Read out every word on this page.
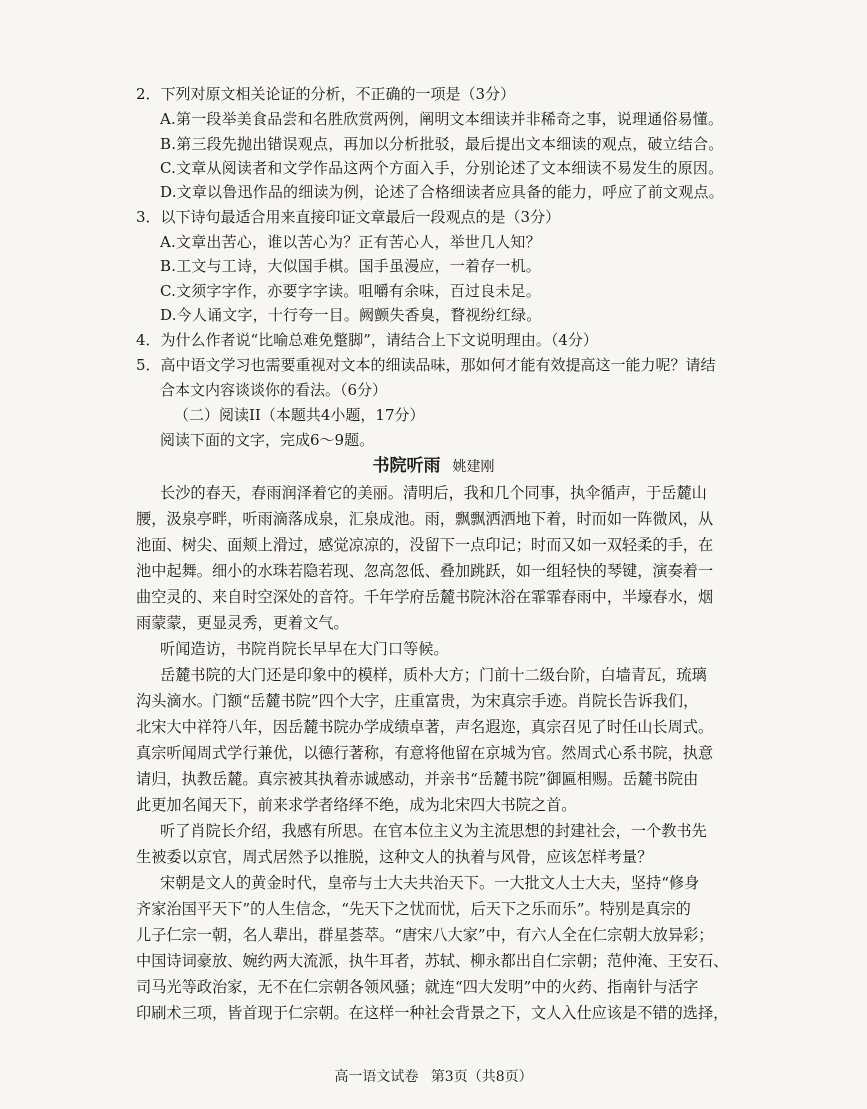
2．下列对原文相关论证的分析，不正确的一项是（3分）
A.第一段举美食品尝和名胜欣赏两例，阐明文本细读并非稀奇之事，说理通俗易懂。
B.第三段先抛出错误观点，再加以分析批驳，最后提出文本细读的观点，破立结合。
C.文章从阅读者和文学作品这两个方面入手，分别论述了文本细读不易发生的原因。
D.文章以鲁迅作品的细读为例，论述了合格细读者应具备的能力，呼应了前文观点。
3．以下诗句最适合用来直接印证文章最后一段观点的是（3分）
A.文章出苦心，谁以苦心为？正有苦心人，举世几人知？
B.工文与工诗，大似国手棋。国手虽漫应，一着存一机。
C.文须字字作，亦要字字读。咀嚼有余味，百过良未足。
D.今人诵文字，十行夸一目。阙颤失香臭，瞀视纷红绿。
4．为什么作者说“比喻总难免蹩脚”，请结合上下文说明理由。（4分）
5．高中语文学习也需要重视对文本的细读品味，那如何才能有效提高这一能力呢？请结
合本文内容谈谈你的看法。（6分）
（二）阅读II（本题共4小题，17分）
阅读下面的文字，完成6～9题。
书院听雨 姚建刚
长沙的春天，春雨润泽着它的美丽。清明后，我和几个同事，执伞循声，于岳麓山
腰，汲泉亭畔，听雨滴落成泉，汇泉成池。雨，飘飘洒洒地下着，时而如一阵微风，从
池面、树尖、面颊上滑过，感觉凉凉的，没留下一点印记；时而又如一双轻柔的手，在
池中起舞。细小的水珠若隐若现、忽高忽低、叠加跳跃，如一组轻快的琴键，演奏着一
曲空灵的、来自时空深处的音符。千年学府岳麓书院沐浴在霏霏春雨中，半壕春水，烟
雨蒙蒙，更显灵秀，更着文气。
听闻造访，书院肖院长早早在大门口等候。
岳麓书院的大门还是印象中的模样，质朴大方；门前十二级台阶，白墙青瓦，琉璃
沟头滴水。门额“岳麓书院”四个大字，庄重富贵，为宋真宗手迹。肖院长告诉我们，
北宋大中祥符八年，因岳麓书院办学成绩卓著，声名遐迩，真宗召见了时任山长周式。
真宗听闻周式学行兼优，以德行著称，有意将他留在京城为官。然周式心系书院，执意
请归，执教岳麓。真宗被其执着赤诚感动，并亲书“岳麓书院”御匾相赐。岳麓书院由
此更加名闻天下，前来求学者络绎不绝，成为北宋四大书院之首。
听了肖院长介绍，我感有所思。在官本位主义为主流思想的封建社会，一个教书先
生被委以京官，周式居然予以推脱，这种文人的执着与风骨，应该怎样考量？
宋朝是文人的黄金时代，皇帝与士大夫共治天下。一大批文人士大夫，坚持“修身
齐家治国平天下”的人生信念，“先天下之忧而忧，后天下之乐而乐”。特别是真宗的
儿子仁宗一朝，名人辈出，群星荟萃。“唐宋八大家”中，有六人全在仁宗朝大放异彩；
中国诗词豪放、婉约两大流派，执牛耳者，苏轼、柳永都出自仁宗朝；范仲淹、王安石、
司马光等政治家，无不在仁宗朝各领风骚；就连“四大发明”中的火药、指南针与活字
印刷术三项，皆首现于仁宗朝。在这样一种社会背景之下，文人入仕应该是不错的选择，
高一语文试卷 第3页（共8页）
